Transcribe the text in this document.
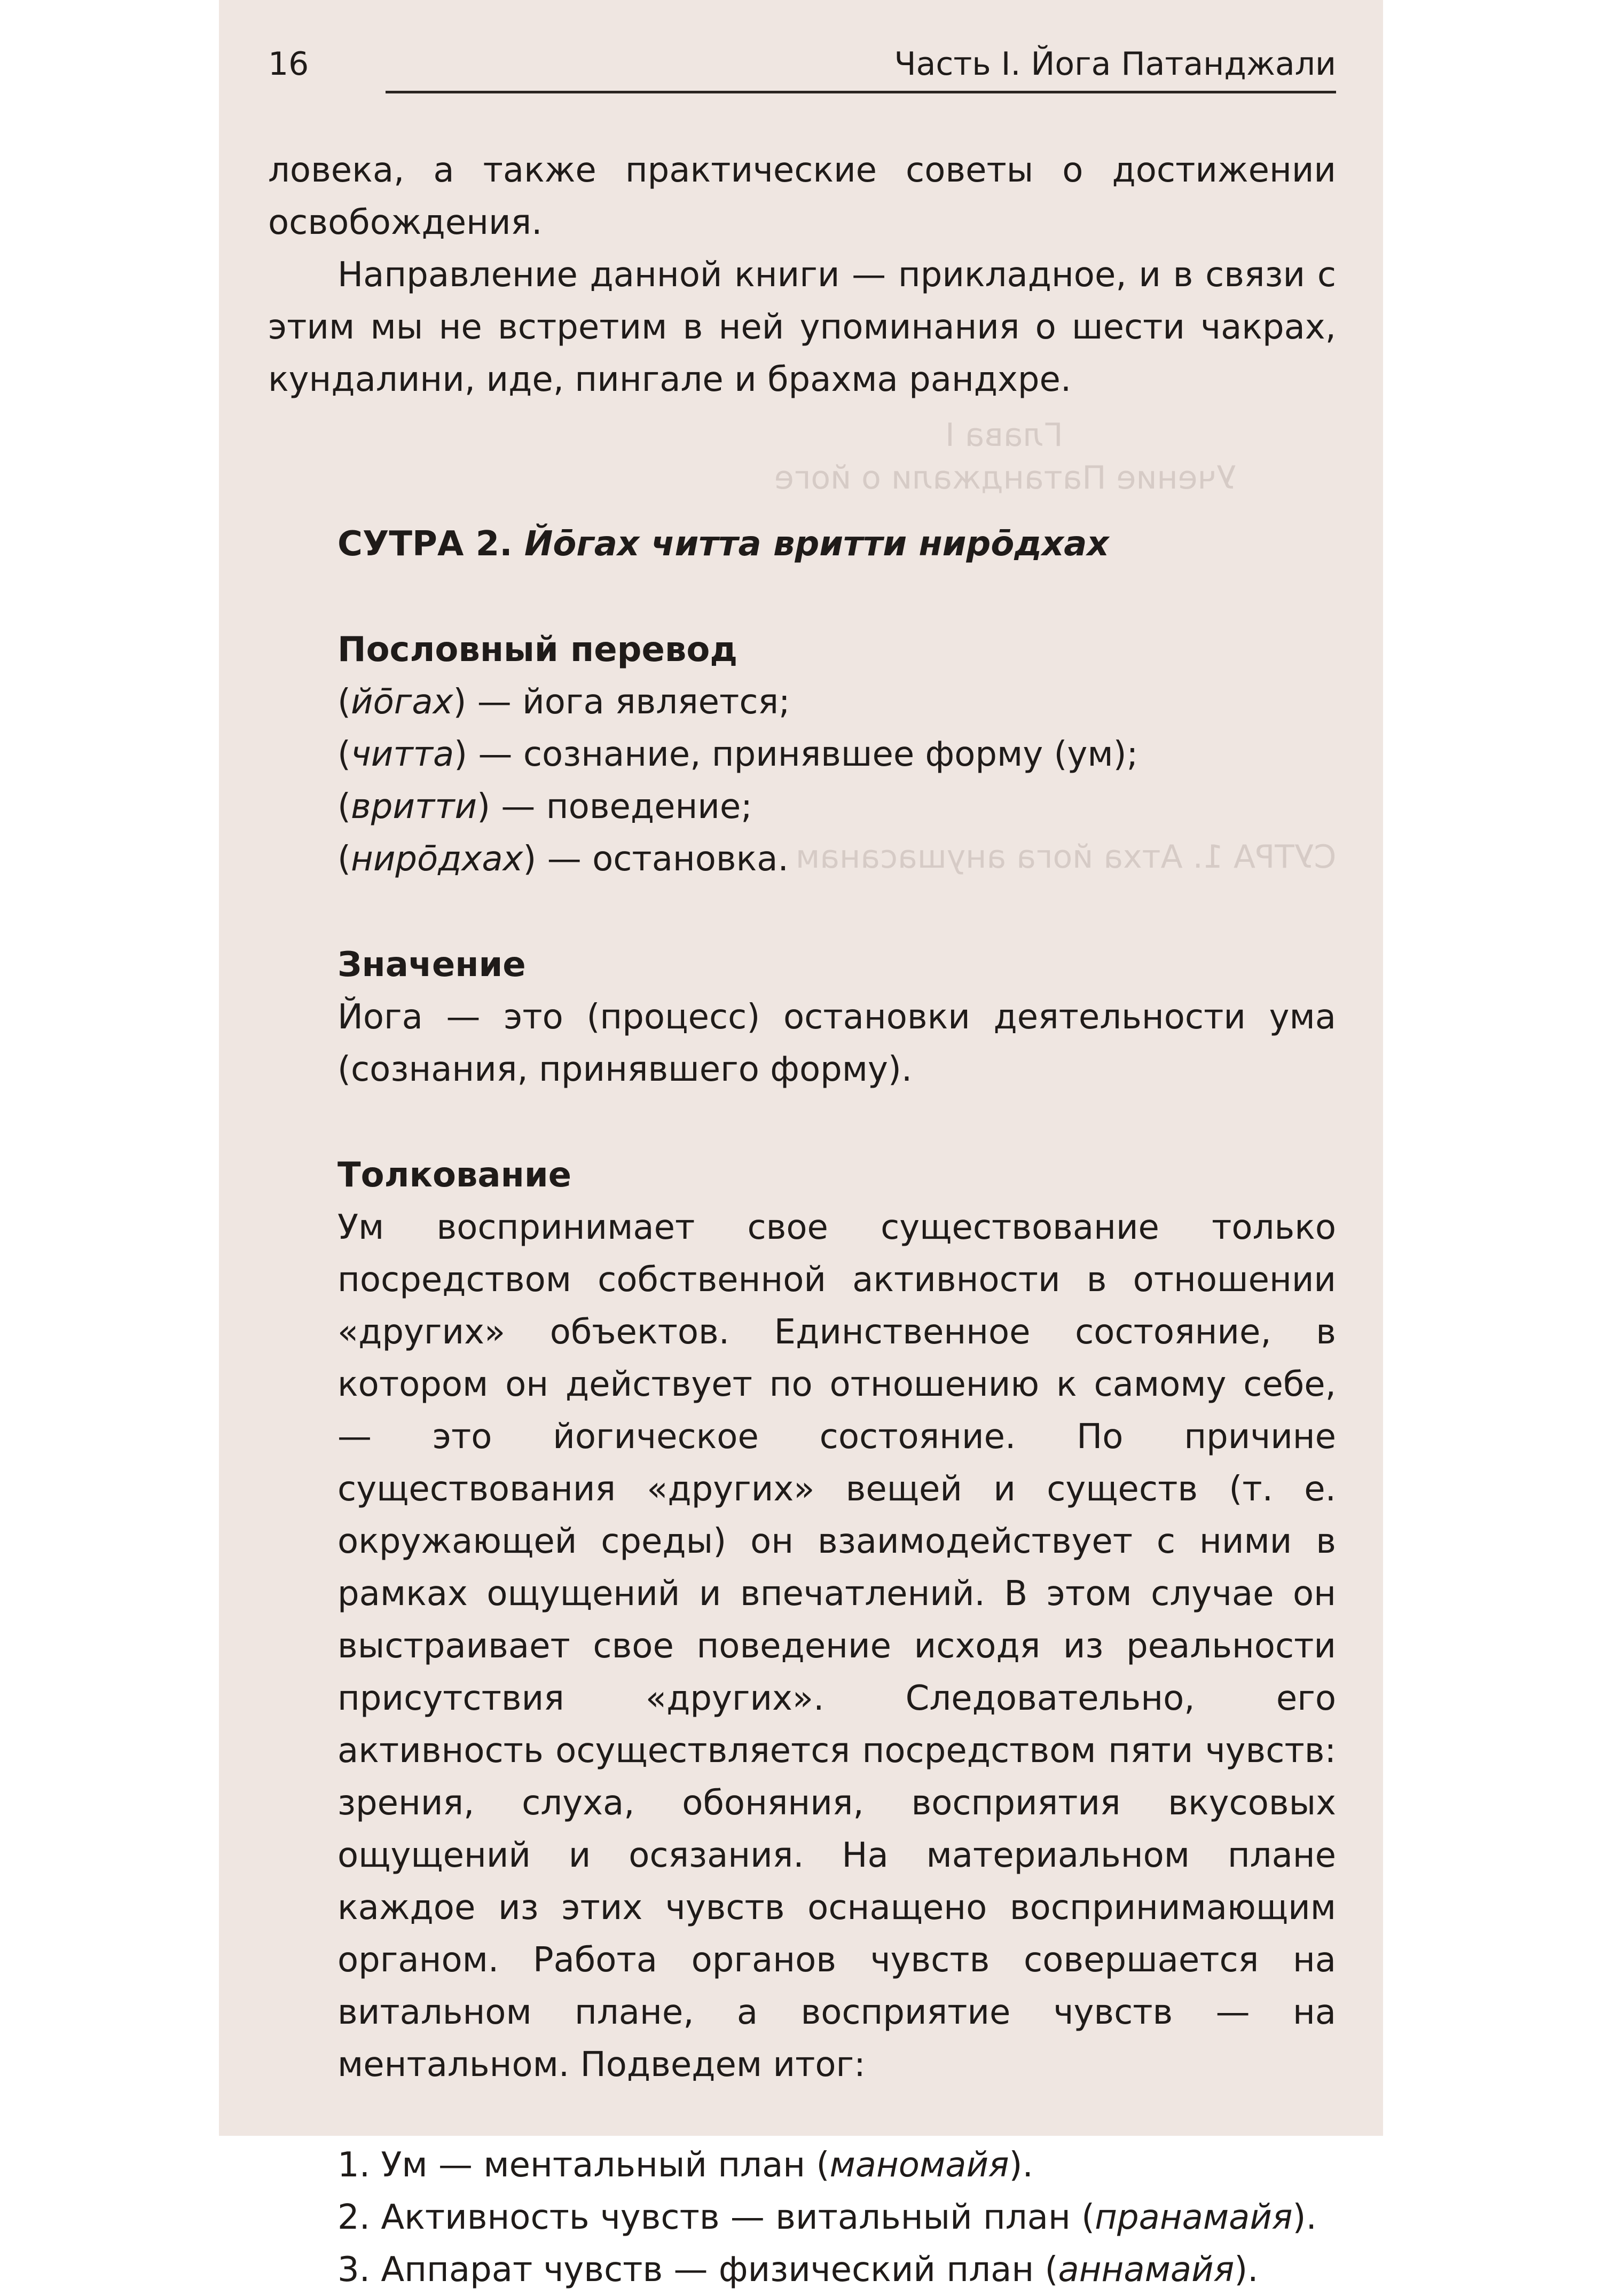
Глава I
Учение Патанджали о йоге
СУТРА 1. Атха йога анушасанам
16	Часть I. Йога Патанджали

ловека, а также практические советы о достижении освобождения.

Направление данной книги — прикладное, и в связи с этим мы не встретим в ней упоминания о шести чакрах, кундалини, иде, пингале и брахма рандхре.

СУТРА 2. Йōгах читта вритти нирōдхах

Пословный перевод

(йōгах) — йога является;

(читта) — сознание, принявшее форму (ум);

(вритти) — поведение;

(нирōдхах) — остановка.

Значение

Йога — это (процесс) остановки деятельности ума (сознания, принявшего форму).

Толкование

Ум воспринимает свое существование только посредством собственной активности в отношении «других» объектов. Единственное состояние, в котором он действует по отношению к самому себе, — это йогическое состояние. По причине существования «других» вещей и существ (т. е. окружающей среды) он взаимодействует с ними в рамках ощущений и впечатлений. В этом случае он выстраивает свое поведение исходя из реальности присутствия «других». Следовательно, его активность осуществляется посредством пяти чувств: зрения, слуха, обоняния, восприятия вкусовых ощущений и осязания. На материальном плане каждое из этих чувств оснащено воспринимающим органом. Работа органов чувств совершается на витальном плане, а восприятие чувств — на ментальном. Подведем итог:

1. Ум — ментальный план (маномайя).

2. Активность чувств — витальный план (пранамайя).

3. Аппарат чувств — физический план (аннамайя).
